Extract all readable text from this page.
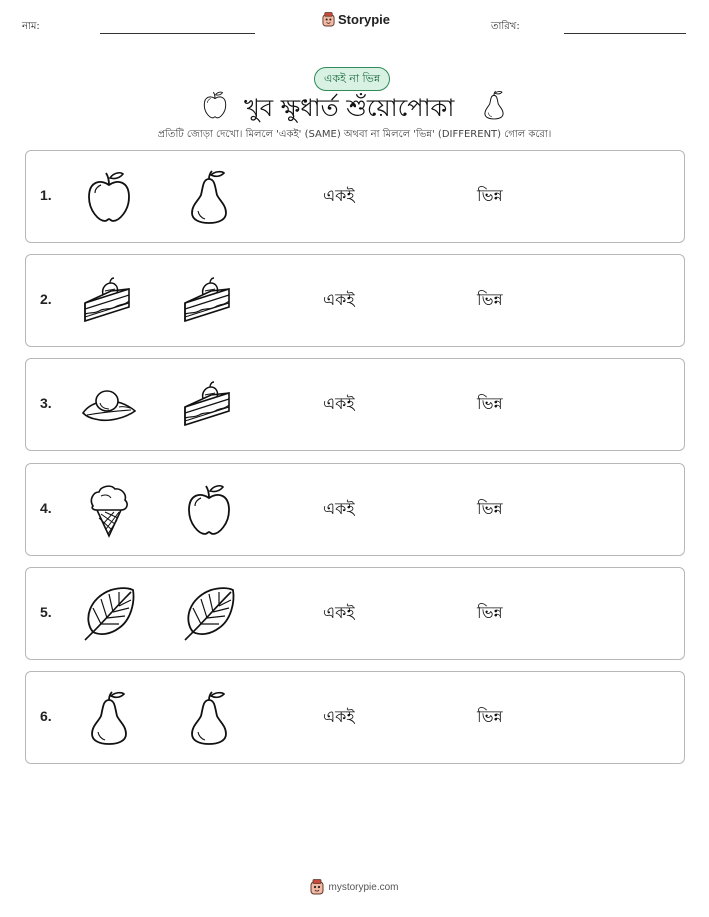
নাম:	Storypie	তারিখ:
একই না ভিন্ন
খুব ক্ষুধার্ত শুঁয়োপোকা
প্রতিটি জোড়া দেখো। মিললে 'একই' (SAME) অথবা না মিললে 'ভিন্ন' (DIFFERENT) গোল করো।
1.	একই	ভিন্ন
2.	একই	ভিন্ন
3.	একই	ভিন্ন
4.	একই	ভিন্ন
5.	একই	ভিন্ন
6.	একই	ভিন্ন
mystorypie.com
